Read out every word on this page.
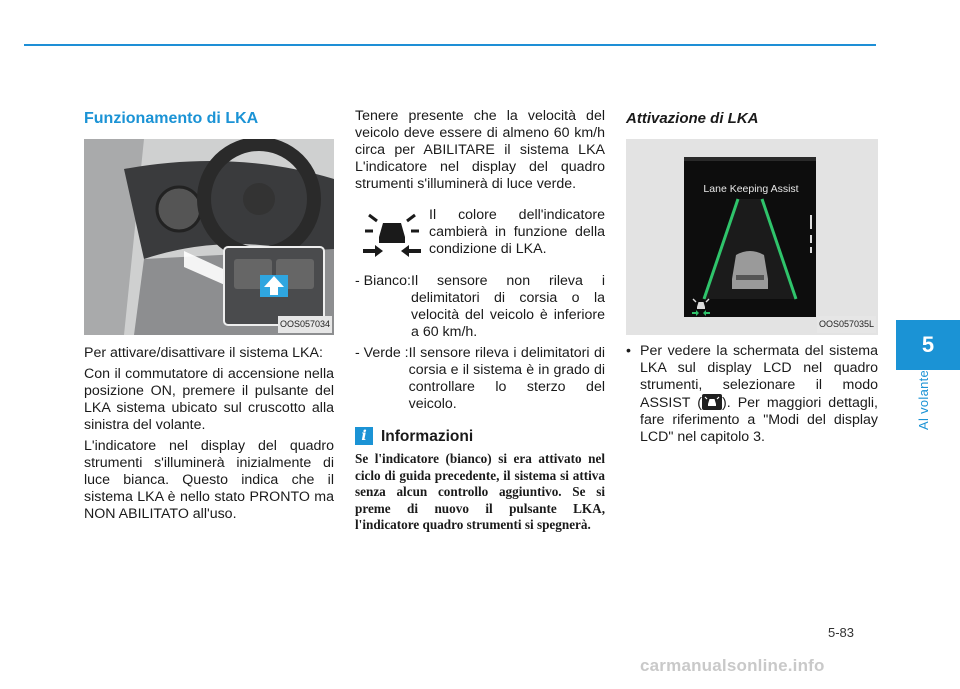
5
Al volante
Funzionamento di LKA
OOS057034

Per attivare/disattivare il sistema LKA:

Con il commutatore di accensione nella posizione ON, premere il pulsante del LKA sistema ubicato sul cruscotto alla sinistra del volante.

L'indicatore nel display del quadro strumenti s'illuminerà inizialmente di luce bianca. Questo indica che il sistema LKA è nello stato PRONTO ma NON ABILITATO all'uso.

Tenere presente che la velocità del veicolo deve essere di almeno 60 km/h circa per ABILITARE il sistema LKA L'indicatore nel display del quadro strumenti s'illuminerà di luce verde.

Il colore dell'indicatore cambierà in funzione della condizione di LKA.
- Bianco: Il sensore non rileva i delimitatori di corsia o la velocità del veicolo è inferiore a 60 km/h.
- Verde : Il sensore rileva i delimitatori di corsia e il sistema è in grado di controllare lo sterzo del veicolo.
i Informazioni
Se l'indicatore (bianco) si era attivato nel ciclo di guida precedente, il sistema si attiva senza alcun controllo aggiuntivo. Se si preme di nuovo il pulsante LKA, l'indicatore quadro strumenti si spegnerà.
Attivazione di LKA
Lane Keeping Assist
OOS057035L
• Per vedere la schermata del sistema LKA sul display LCD nel quadro strumenti, selezionare il modo ASSIST ( ). Per maggiori dettagli, fare riferimento a "Modi del display LCD" nel capitolo 3.
5-83
carmanualsonline.info
